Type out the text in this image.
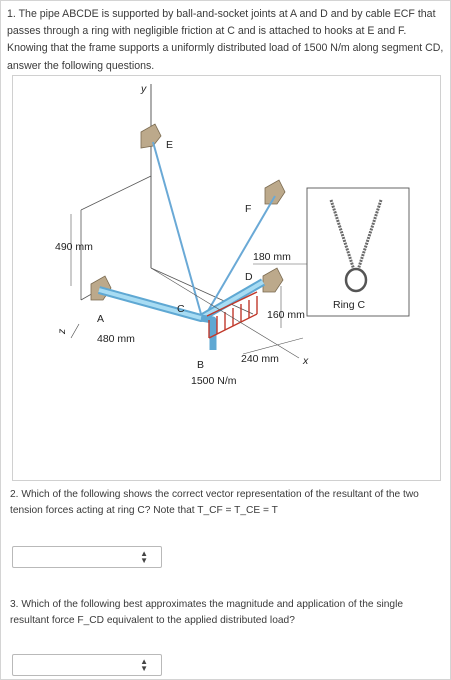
1. The pipe ABCDE is supported by ball-and-socket joints at A and D and by cable ECF that passes through a ring with negligible friction at C and is attached to hooks at E and F. Knowing that the frame supports a uniformly distributed load of 1500 N/m along segment CD, answer the following questions.
y
490 mm
z
E
F
A
D
C
B
180 mm
160 mm
240 mm x
480 mm
1500 N/m
Ring C
2. Which of the following shows the correct vector representation of the resultant of the two tension forces acting at ring C? Note that T_CF = T_CE = T
▲
▼
3. Which of the following best approximates the magnitude and application of the single resultant force F_CD equivalent to the applied distributed load?
▲
▼
